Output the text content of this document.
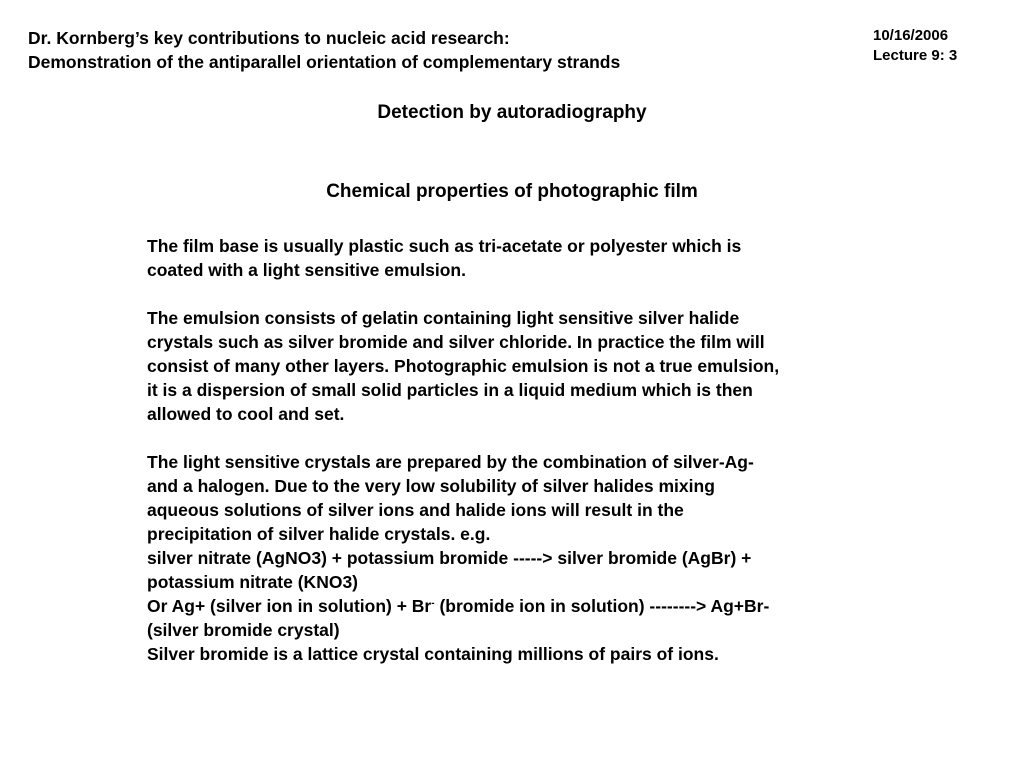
Dr. Kornberg’s key contributions to nucleic acid research:
Demonstration of the antiparallel orientation of complementary strands
10/16/2006
Lecture 9: 3
Detection by autoradiography
Chemical properties of photographic film
The film base is usually plastic such as tri-acetate or polyester which is
coated with a light sensitive emulsion.
The emulsion consists of gelatin containing light sensitive silver halide
crystals such as silver bromide and silver chloride. In practice the film will
consist of many other layers. Photographic emulsion is not a true emulsion,
it is a dispersion of small solid particles in a liquid medium which is then
allowed to cool and set.
The light sensitive crystals are prepared by the combination of silver-Ag-
and a halogen. Due to the very low solubility of silver halides mixing
aqueous solutions of silver ions and halide ions will result in the
precipitation of silver halide crystals. e.g.
silver nitrate (AgNO3) + potassium bromide -----> silver bromide (AgBr) +
potassium nitrate (KNO3)
Or Ag+ (silver ion in solution) + Br- (bromide ion in solution) --------> Ag+Br-
(silver bromide crystal)
Silver bromide is a lattice crystal containing millions of pairs of ions.
